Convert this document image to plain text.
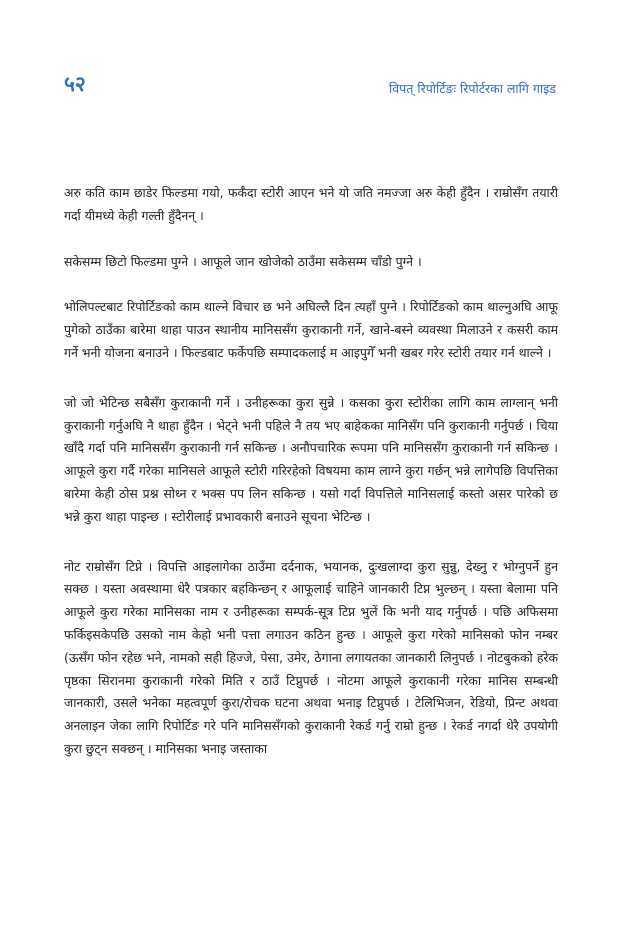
५२	विपत् रिपोर्टिङः रिपोर्टरका लागि गाइड

अरु कति काम छाडेर फिल्डमा गयो, फर्कँदा स्टोरी आएन भने यो जति नमज्जा अरु केही हुँदैन । राम्रोसँग तयारी गर्दा यीमध्ये केही गल्ती हुँदैनन् ।

सकेसम्म छिटो फिल्डमा पुग्ने । आफूले जान खोजेको ठाउँमा सकेसम्म चाँडो पुग्ने ।

भोलिपल्टबाट रिपोर्टिङको काम थाल्ने विचार छ भने अघिल्लै दिन त्यहाँ पुग्ने । रिपोर्टिङको काम थाल्नुअघि आफू पुगेको ठाउँका बारेमा थाहा पाउन स्थानीय मानिससँग कुराकानी गर्ने, खाने-बस्ने व्यवस्था मिलाउने र कसरी काम गर्ने भनी योजना बनाउने । फिल्डबाट फर्केपछि सम्पादकलाई म आइपुगेँ भनी खबर गरेर स्टोरी तयार गर्न थाल्ने ।

जो जो भेटिन्छ सबैसँग कुराकानी गर्ने । उनीहरूका कुरा सुन्ने । कसका कुरा स्टोरीका लागि काम लाग्लान् भनी कुराकानी गर्नुअघि नै थाहा हुँदैन । भेट्ने भनी पहिले नै तय भए बाहेकका मानिसँग पनि कुराकानी गर्नुपर्छ । चिया खाँदै गर्दा पनि मानिससँग कुराकानी गर्न सकिन्छ । अनौपचारिक रूपमा पनि मानिससँग कुराकानी गर्न सकिन्छ । आफूले कुरा गर्दै गरेका मानिसले आफूले स्टोरी गरिरहेको विषयमा काम लाग्ने कुरा गर्छन् भन्ने लागेपछि विपत्तिका बारेमा केही ठोस प्रश्न सोध्न र भक्स पप लिन सकिन्छ । यसो गर्दा विपत्तिले मानिसलाई कस्तो असर पारेको छ भन्ने कुरा थाहा पाइन्छ । स्टोरीलाई प्रभावकारी बनाउने सूचना भेटिन्छ ।

नोट राम्रोसँग टिप्ने । विपत्ति आइलागेका ठाउँमा दर्दनाक, भयानक, दुःखलाग्दा कुरा सुन्नु, देख्नु र भोग्नुपर्ने हुन सक्छ । यस्ता अवस्थामा धेरै पत्रकार बहकिन्छन् र आफूलाई चाहिने जानकारी टिप्न भुल्छन् । यस्ता बेलामा पनि आफूले कुरा गरेका मानिसका नाम र उनीहरूका सम्पर्क-सूत्र टिप्न भुलें कि भनी याद गर्नुपर्छ । पछि अफिसमा फर्किइसकेपछि उसको नाम केहो भनी पत्ता लगाउन कठिन हुन्छ । आफूले कुरा गरेको मानिसको फोन नम्बर (ऊसँग फोन रहेछ भने, नामको सही हिज्जे, पेसा, उमेर, ठेगाना लगायतका जानकारी लिनुपर्छ । नोटबुकको हरेक पृष्ठका सिरानमा कुराकानी गरेको मिति र ठाउँ टिप्नुपर्छ । नोटमा आफूले कुराकानी गरेका मानिस सम्बन्धी जानकारी, उसले भनेका महत्वपूर्ण कुरा/रोचक घटना अथवा भनाइ टिप्नुपर्छ । टेलिभिजन, रेडियो, प्रिन्ट अथवा अनलाइन जेका लागि रिपोर्टिङ गरे पनि मानिससँगको कुराकानी रेकर्ड गर्नु राम्रो हुन्छ । रेकर्ड नगर्दा धेरै उपयोगी कुरा छुट्न सक्छन् । मानिसका भनाइ जस्ताका
